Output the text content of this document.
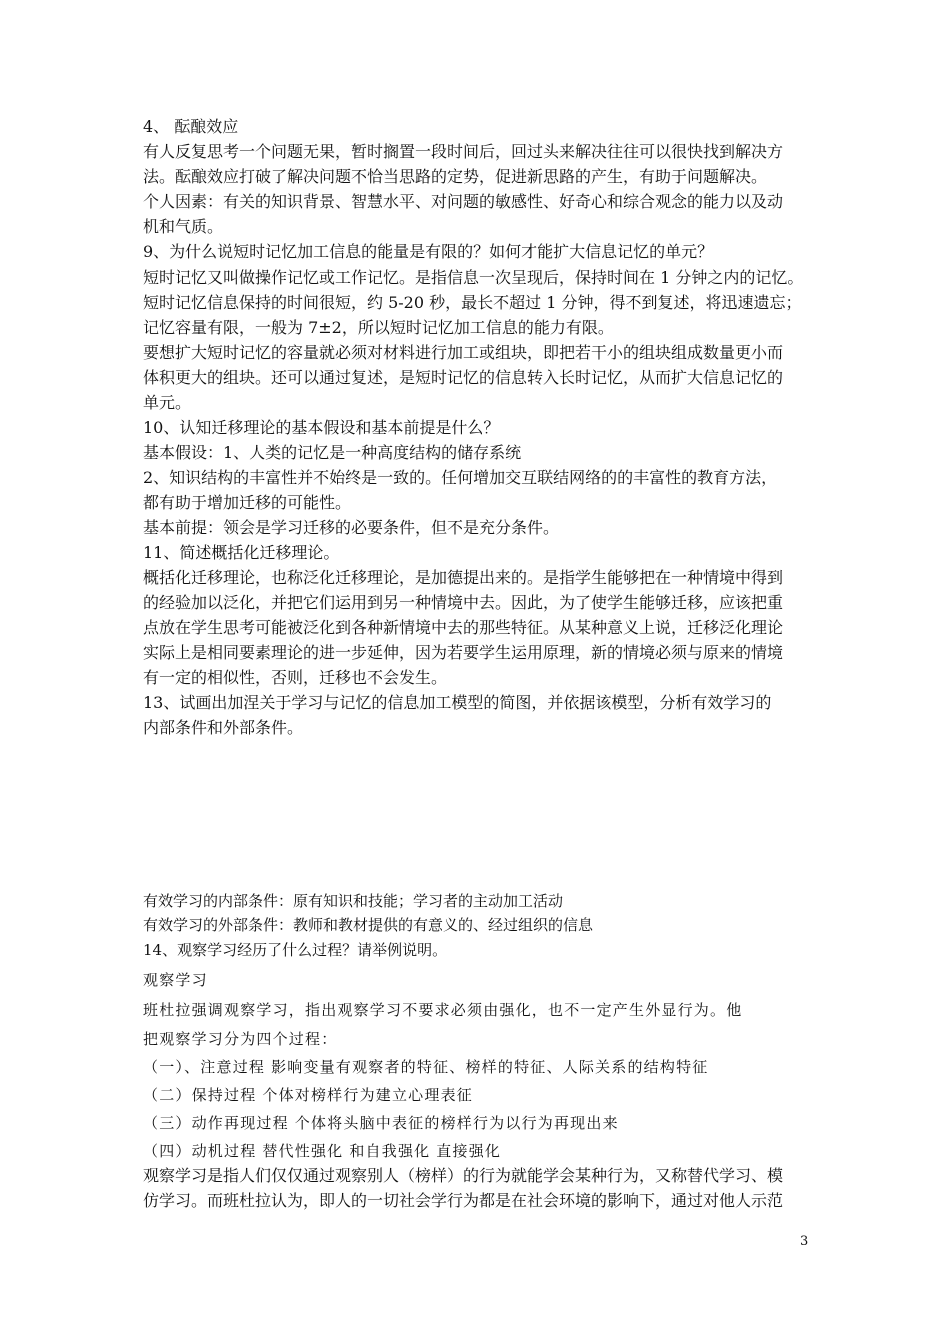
4、 酝酿效应
有人反复思考一个问题无果，暂时搁置一段时间后，回过头来解决往往可以很快找到解决方
法。酝酿效应打破了解决问题不恰当思路的定势，促进新思路的产生，有助于问题解决。
个人因素：有关的知识背景、智慧水平、对问题的敏感性、好奇心和综合观念的能力以及动
机和气质。
9、为什么说短时记忆加工信息的能量是有限的？如何才能扩大信息记忆的单元？
短时记忆又叫做操作记忆或工作记忆。是指信息一次呈现后，保持时间在 1 分钟之内的记忆。
短时记忆信息保持的时间很短，约 5-20 秒，最长不超过 1 分钟，得不到复述，将迅速遗忘；
记忆容量有限，一般为 7±2，所以短时记忆加工信息的能力有限。
要想扩大短时记忆的容量就必须对材料进行加工或组块，即把若干小的组块组成数量更小而
体积更大的组块。还可以通过复述，是短时记忆的信息转入长时记忆，从而扩大信息记忆的
单元。
10、认知迁移理论的基本假设和基本前提是什么？
基本假设：1、人类的记忆是一种高度结构的储存系统
2、知识结构的丰富性并不始终是一致的。任何增加交互联结网络的的丰富性的教育方法，
都有助于增加迁移的可能性。
基本前提：领会是学习迁移的必要条件，但不是充分条件。
11、简述概括化迁移理论。
概括化迁移理论，也称泛化迁移理论，是加德提出来的。是指学生能够把在一种情境中得到
的经验加以泛化，并把它们运用到另一种情境中去。因此，为了使学生能够迁移，应该把重
点放在学生思考可能被泛化到各种新情境中去的那些特征。从某种意义上说，迁移泛化理论
实际上是相同要素理论的进一步延伸，因为若要学生运用原理，新的情境必须与原来的情境
有一定的相似性，否则，迁移也不会发生。
13、试画出加涅关于学习与记忆的信息加工模型的简图，并依据该模型，分析有效学习的
内部条件和外部条件。
有效学习的内部条件：原有知识和技能；学习者的主动加工活动
有效学习的外部条件：教师和教材提供的有意义的、经过组织的信息
14、观察学习经历了什么过程？请举例说明。
观察学习
班杜拉强调观察学习，指出观察学习不要求必须由强化，也不一定产生外显行为。他
把观察学习分为四个过程：
（一）、注意过程 影响变量有观察者的特征、榜样的特征、人际关系的结构特征
（二）保持过程 个体对榜样行为建立心理表征
（三）动作再现过程 个体将头脑中表征的榜样行为以行为再现出来
（四）动机过程 替代性强化 和自我强化 直接强化
观察学习是指人们仅仅通过观察别人（榜样）的行为就能学会某种行为，又称替代学习、模
仿学习。而班杜拉认为，即人的一切社会学行为都是在社会环境的影响下，通过对他人示范
3
